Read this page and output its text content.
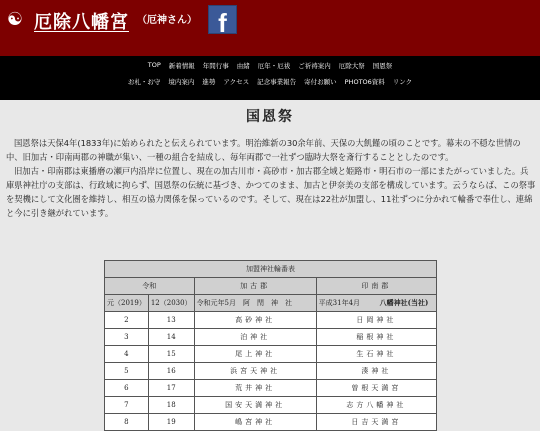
☯ 厄除八幡宮 （厄神さん） f
TOP 新着情報 年間行事 由緒 厄年・厄祓 ご祈祷案内 厄除大祭 国恩祭
お札・お守 境内案内 進勢 アクセス 記念事業報告 寄付お願い PHOTO6資料 リンク
国恩祭

国恩祭は天保4年(1833年)に始められたと伝えられています。明治維新の30余年前、天保の大飢饉の頃のことです。幕末の不穏な世情の中、旧加古・印南両郡の神職が集い、一種の組合を結成し、毎年両郡で一社ずつ臨時大祭を斎行することとしたのです。

旧加古・印南郡は東播磨の瀬戸内沿岸に位置し、現在の加古川市・高砂市・加古郡全域と姫路市・明石市の一部にまたがっていました。兵庫県神社庁の支部は、行政域に拘らず、国恩祭の伝統に基づき、かつてのまま、加古と伊奈美の支部を構成しています。云うならば、この祭事を契機にして文化圏を維持し、相互の協力関係を保っているのです。そして、現在は22社が加盟し、11社ずつに分かれて輪番で奉仕し、連綿と今に引き継がれています。

加盟神社輪番表				
令和		加古郡	印南郡	
元（2019）	12（2030）	令和元年5月　阿　閇　神　社	平成31年4月	八幡神社(当社)
2	13	高砂神社	日岡神社	
3	14	泊神社	稲根神社	
4	15	尾上神社	生石神社	
5	16	浜宮天神社	湊神社	
6	17	荒井神社	曽根天満宮	
7	18	国安天満神社	志方八幡神社	
8	19	嶋宮神社	日吉天満宮	
